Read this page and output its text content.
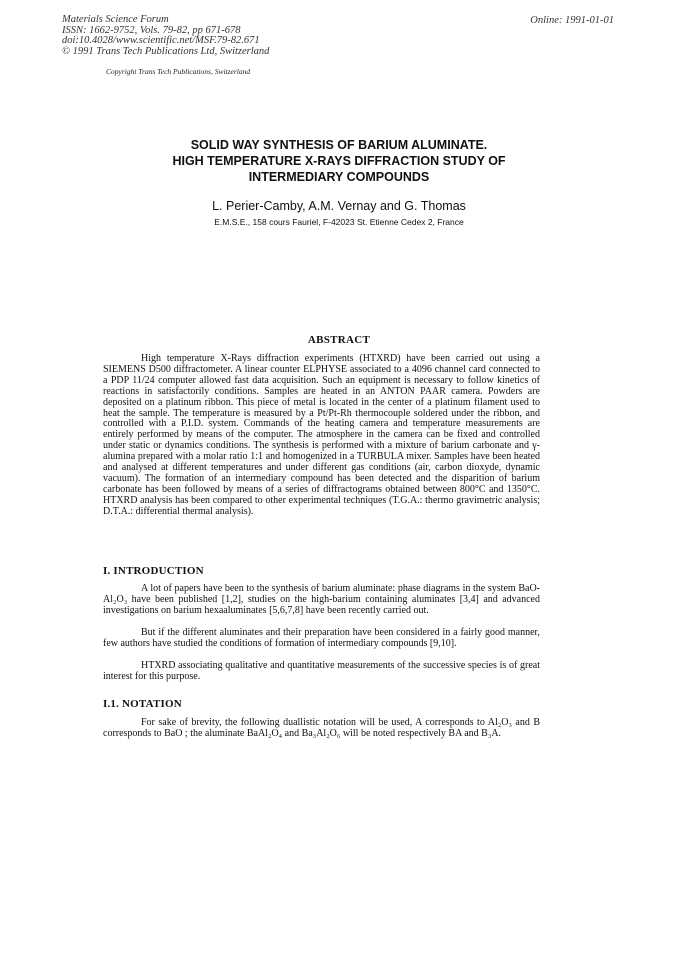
Materials Science Forum
ISSN: 1662-9752, Vols. 79-82, pp 671-678
doi:10.4028/www.scientific.net/MSF.79-82.671
© 1991 Trans Tech Publications Ltd, Switzerland
Online: 1991-01-01
Copyright Trans Tech Publications, Switzerland
SOLID WAY SYNTHESIS OF BARIUM ALUMINATE.
HIGH TEMPERATURE X-RAYS DIFFRACTION STUDY OF
INTERMEDIARY COMPOUNDS
L. Perier-Camby, A.M. Vernay and G. Thomas
E.M.S.E., 158 cours Fauriel, F-42023 St. Etienne Cedex 2, France
ABSTRACT
High temperature X-Rays diffraction experiments (HTXRD) have been carried out using a SIEMENS D500 diffractometer. A linear counter ELPHYSE associated to a 4096 channel card connected to a PDP 11/24 computer allowed fast data acquisition. Such an equipment is necessary to follow kinetics of reactions in satisfactorily conditions. Samples are heated in an ANTON PAAR camera. Powders are deposited on a platinum ribbon. This piece of metal is located in the center of a platinum filament used to heat the sample. The temperature is measured by a Pt/Pt-Rh thermocouple soldered under the ribbon, and controlled with a P.I.D. system. Commands of the heating camera and temperature measurements are entirely performed by means of the computer. The atmosphere in the camera can be fixed and controlled under static or dynamics conditions. The synthesis is performed with a mixture of barium carbonate and γ-alumina prepared with a molar ratio 1:1 and homogenized in a TURBULA mixer. Samples have been heated and analysed at different temperatures and under different gas conditions (air, carbon dioxyde, dynamic vacuum). The formation of an intermediary compound has been detected and the disparition of barium carbonate has been followed by means of a series of diffractograms obtained between 800°C and 1350°C. HTXRD analysis has been compared to other experimental techniques (T.G.A.: thermo gravimetric analysis; D.T.A.: differential thermal analysis).
I. INTRODUCTION
A lot of papers have been to the synthesis of barium aluminate: phase diagrams in the system BaO-Al₂O₃ have been published [1,2], studies on the high-barium containing aluminates [3,4] and advanced investigations on barium hexaaluminates [5,6,7,8] have been recently carried out.
But if the different aluminates and their preparation have been considered in a fairly good manner, few authors have studied the conditions of formation of intermediary compounds [9,10].
HTXRD associating qualitative and quantitative measurements of the successive species is of great interest for this purpose.
I.1. NOTATION
For sake of brevity, the following duallistic notation will be used, A corresponds to Al₂O₃ and B corresponds to BaO ; the aluminate BaAl₂O₄ and Ba₃Al₂O₆ will be noted respectively BA and B₃A.
